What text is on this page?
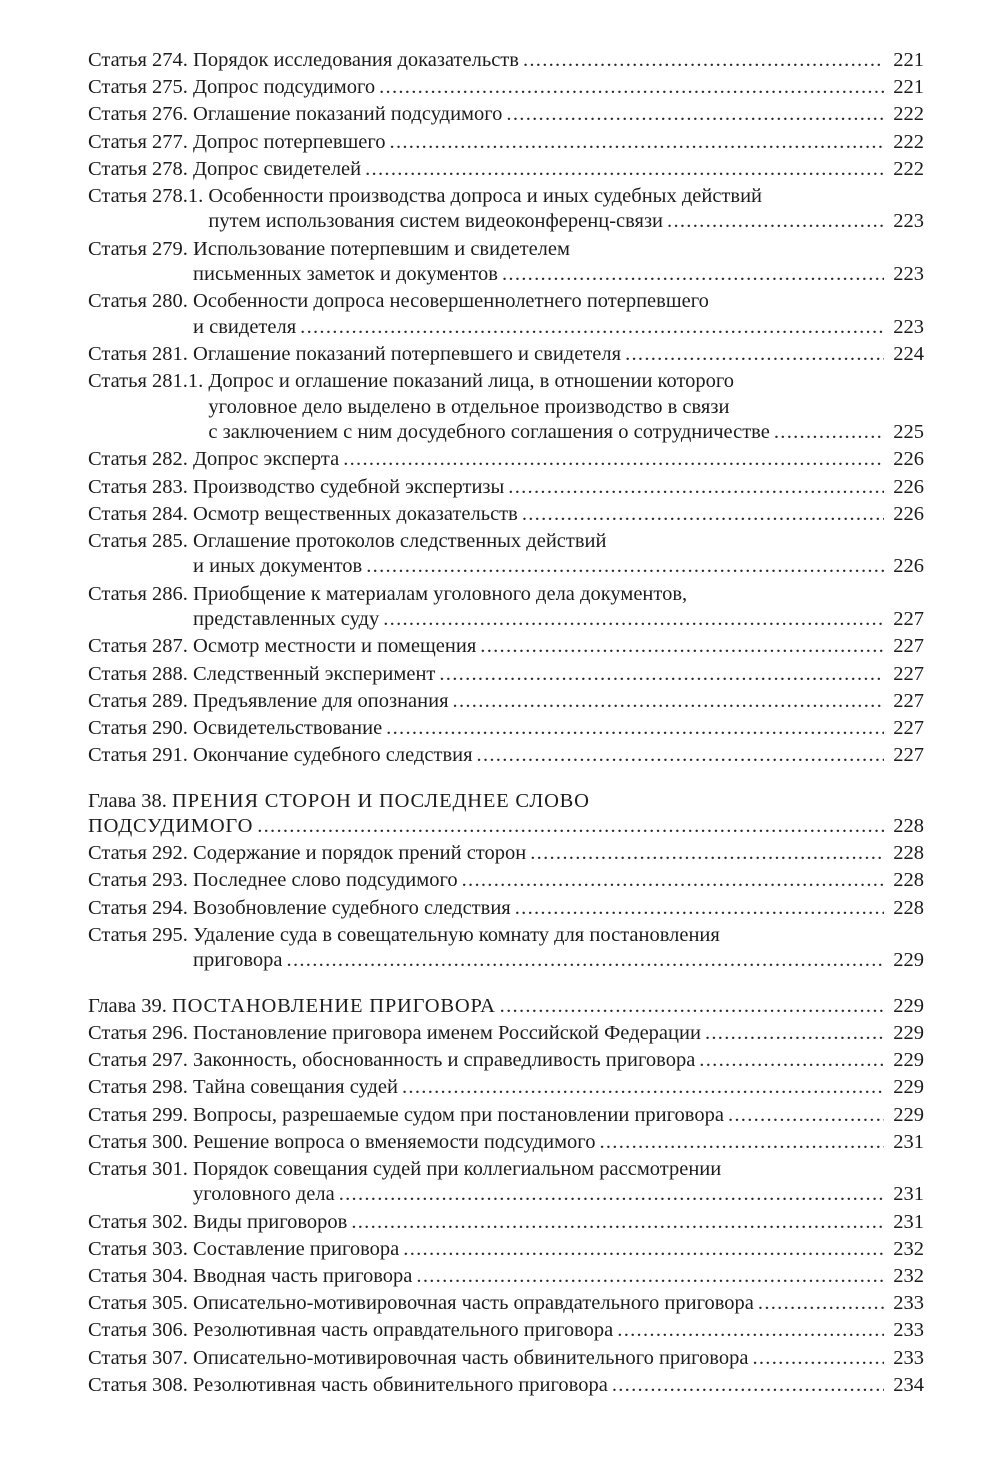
Статья 274. Порядок исследования доказательств .....	221
Статья 275. Допрос подсудимого .....	221
Статья 276. Оглашение показаний подсудимого .....	222
Статья 277. Допрос потерпевшего .....	222
Статья 278. Допрос свидетелей .....	222
Статья 278.1. Особенности производства допроса и иных судебных действий
путем использования систем видеоконференц-связи .....	223
Статья 279. Использование потерпевшим и свидетелем
письменных заметок и документов .....	223
Статья 280. Особенности допроса несовершеннолетнего потерпевшего
и свидетеля .....	223
Статья 281. Оглашение показаний потерпевшего и свидетеля .....	224
Статья 281.1. Допрос и оглашение показаний лица, в отношении которого
уголовное дело выделено в отдельное производство в связи
с заключением с ним досудебного соглашения о сотрудничестве .....	225
Статья 282. Допрос эксперта .....	226
Статья 283. Производство судебной экспертизы .....	226
Статья 284. Осмотр вещественных доказательств .....	226
Статья 285. Оглашение протоколов следственных действий
и иных документов .....	226
Статья 286. Приобщение к материалам уголовного дела документов,
представленных суду .....	227
Статья 287. Осмотр местности и помещения .....	227
Статья 288. Следственный эксперимент .....	227
Статья 289. Предъявление для опознания .....	227
Статья 290. Освидетельствование .....	227
Статья 291. Окончание судебного следствия .....	227
Глава 38. ПРЕНИЯ СТОРОН И ПОСЛЕДНЕЕ СЛОВО
ПОДСУДИМОГО .....	228
Статья 292. Содержание и порядок прений сторон .....	228
Статья 293. Последнее слово подсудимого .....	228
Статья 294. Возобновление судебного следствия .....	228
Статья 295. Удаление суда в совещательную комнату для постановления
приговора .....	229
Глава 39. ПОСТАНОВЛЕНИЕ ПРИГОВОРА .....	229
Статья 296. Постановление приговора именем Российской Федерации .....	229
Статья 297. Законность, обоснованность и справедливость приговора .....	229
Статья 298. Тайна совещания судей .....	229
Статья 299. Вопросы, разрешаемые судом при постановлении приговора .....	229
Статья 300. Решение вопроса о вменяемости подсудимого .....	231
Статья 301. Порядок совещания судей при коллегиальном рассмотрении
уголовного дела .....	231
Статья 302. Виды приговоров .....	231
Статья 303. Составление приговора .....	232
Статья 304. Вводная часть приговора .....	232
Статья 305. Описательно-мотивировочная часть оправдательного приговора .....	233
Статья 306. Резолютивная часть оправдательного приговора .....	233
Статья 307. Описательно-мотивировочная часть обвинительного приговора .....	233
Статья 308. Резолютивная часть обвинительного приговора .....	234
